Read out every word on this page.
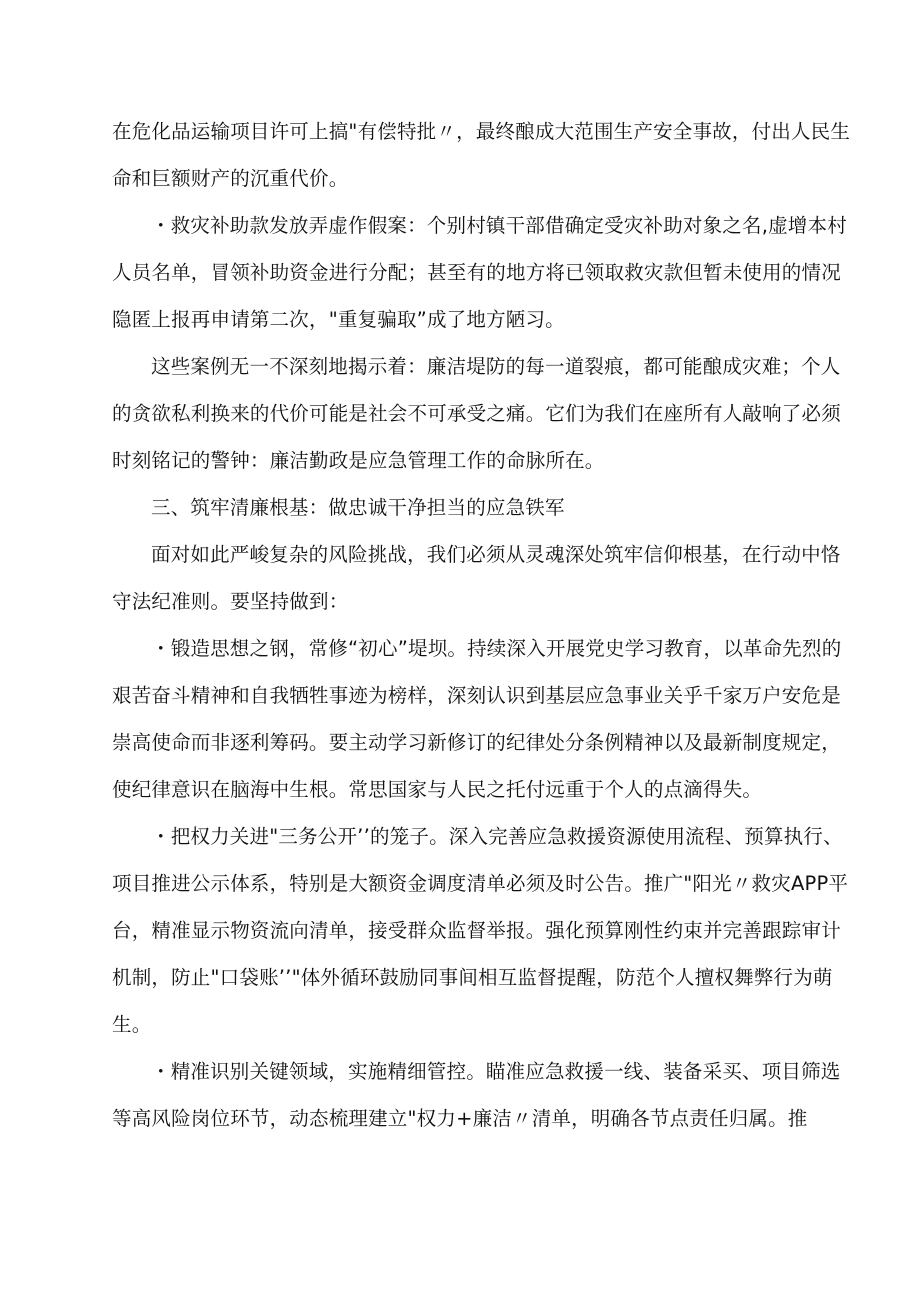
在危化品运输项目许可上搞"有偿特批〃，最终酿成大范围生产安全事故，付出人民生命和巨额财产的沉重代价。

・救灾补助款发放弄虚作假案：个别村镇干部借确定受灾补助对象之名,虚增本村人员名单，冒领补助资金进行分配；甚至有的地方将已领取救灾款但暂未使用的情况隐匿上报再申请第二次，"重复骗取”成了地方陋习。

这些案例无一不深刻地揭示着：廉洁堤防的每一道裂痕，都可能酿成灾难；个人的贪欲私利换来的代价可能是社会不可承受之痛。它们为我们在座所有人敲响了必须时刻铭记的警钟：廉洁勤政是应急管理工作的命脉所在。

三、筑牢清廉根基：做忠诚干净担当的应急铁军

面对如此严峻复杂的风险挑战，我们必须从灵魂深处筑牢信仰根基，在行动中恪守法纪准则。要坚持做到：

・锻造思想之钢，常修“初心”堤坝。持续深入开展党史学习教育，以革命先烈的艰苦奋斗精神和自我牺牲事迹为榜样，深刻认识到基层应急事业关乎千家万户安危是崇高使命而非逐利筹码。要主动学习新修订的纪律处分条例精神以及最新制度规定，使纪律意识在脑海中生根。常思国家与人民之托付远重于个人的点滴得失。

・把权力关进"三务公开’’的笼子。深入完善应急救援资源使用流程、预算执行、项目推进公示体系，特别是大额资金调度清单必须及时公告。推广"阳光〃救灾APP平台，精准显示物资流向清单，接受群众监督举报。强化预算刚性约束并完善跟踪审计机制，防止"口袋账’’"体外循环鼓励同事间相互监督提醒，防范个人擅权舞弊行为萌生。

・精准识别关键领域，实施精细管控。瞄准应急救援一线、装备采买、项目筛选等高风险岗位环节，动态梳理建立"权力+廉洁〃清单，明确各节点责任归属。推
